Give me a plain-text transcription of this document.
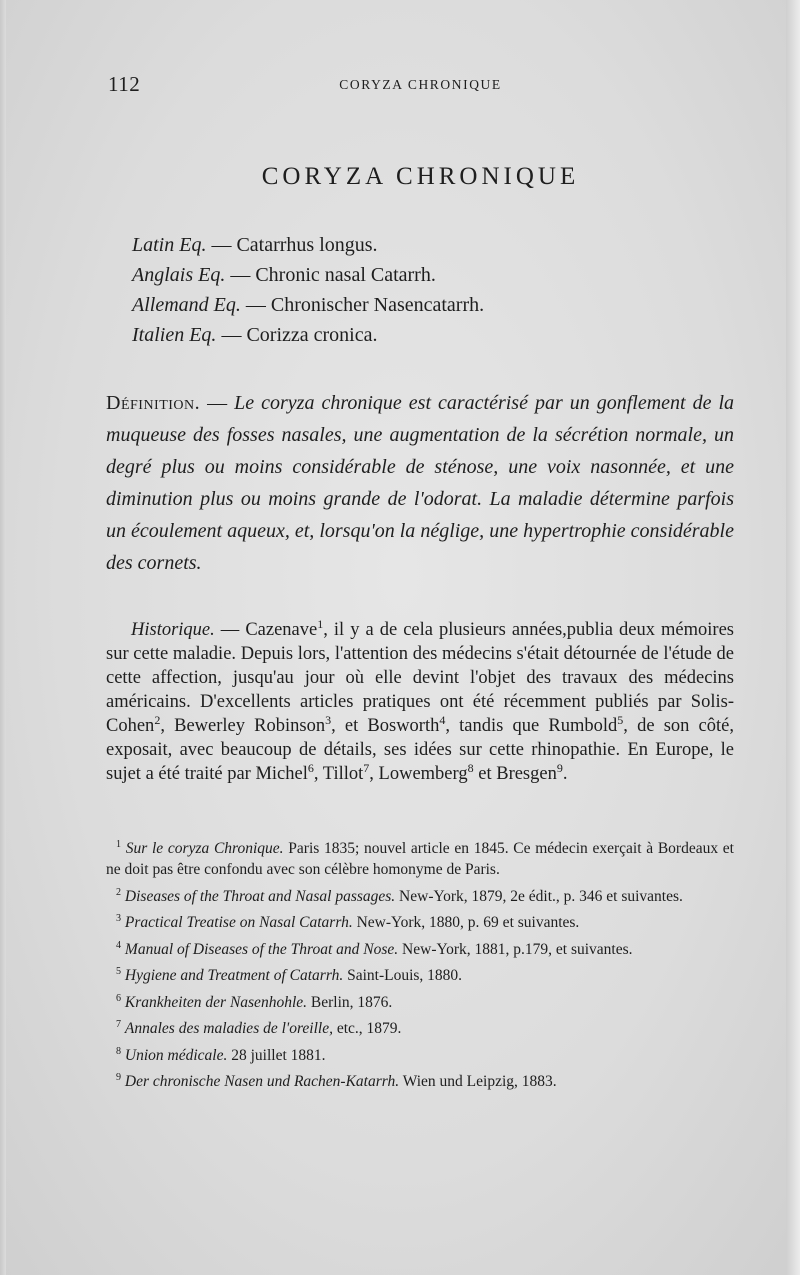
112	CORYZA CHRONIQUE
CORYZA CHRONIQUE
Latin Eq. — Catarrhus longus.
Anglais Eq. — Chronic nasal Catarrh.
Allemand Eq. — Chronischer Nasencatarrh.
Italien Eq. — Corizza cronica.

Définition. — Le coryza chronique est caractérisé par un gonflement de la muqueuse des fosses nasales, une augmentation de la sécrétion normale, un degré plus ou moins considérable de sténose, une voix nasonnée, et une diminution plus ou moins grande de l'odorat. La maladie détermine parfois un écoulement aqueux, et, lorsqu'on la néglige, une hypertrophie considérable des cornets.

Historique. — Cazenave$^1$, il y a de cela plusieurs années,publia deux mémoires sur cette maladie. Depuis lors, l'attention des médecins s'était détournée de l'étude de cette affection, jusqu'au jour où elle devint l'objet des travaux des médecins américains. D'excellents articles pratiques ont été récemment publiés par Solis-Cohen$^2$, Bewerley Robinson$^3$, et Bosworth$^4$, tandis que Rumbold$^5$, de son côté, exposait, avec beaucoup de détails, ses idées sur cette rhinopathie. En Europe, le sujet a été traité par Michel$^6$, Tillot$^7$, Lowemberg$^8$ et Bresgen$^9$.

$^1$ Sur le coryza Chronique. Paris 1835; nouvel article en 1845. Ce médecin exerçait à Bordeaux et ne doit pas être confondu avec son célèbre homonyme de Paris.

$^2$ Diseases of the Throat and Nasal passages. New-York, 1879, 2e édit., p. 346 et suivantes.

$^3$ Practical Treatise on Nasal Catarrh. New-York, 1880, p. 69 et suivantes.

$^4$ Manual of Diseases of the Throat and Nose. New-York, 1881, p.179, et suivantes.

$^5$ Hygiene and Treatment of Catarrh. Saint-Louis, 1880.

$^6$ Krankheiten der Nasenhohle. Berlin, 1876.

$^7$ Annales des maladies de l'oreille, etc., 1879.

$^8$ Union médicale. 28 juillet 1881.

$^9$ Der chronische Nasen und Rachen-Katarrh. Wien und Leipzig, 1883.
